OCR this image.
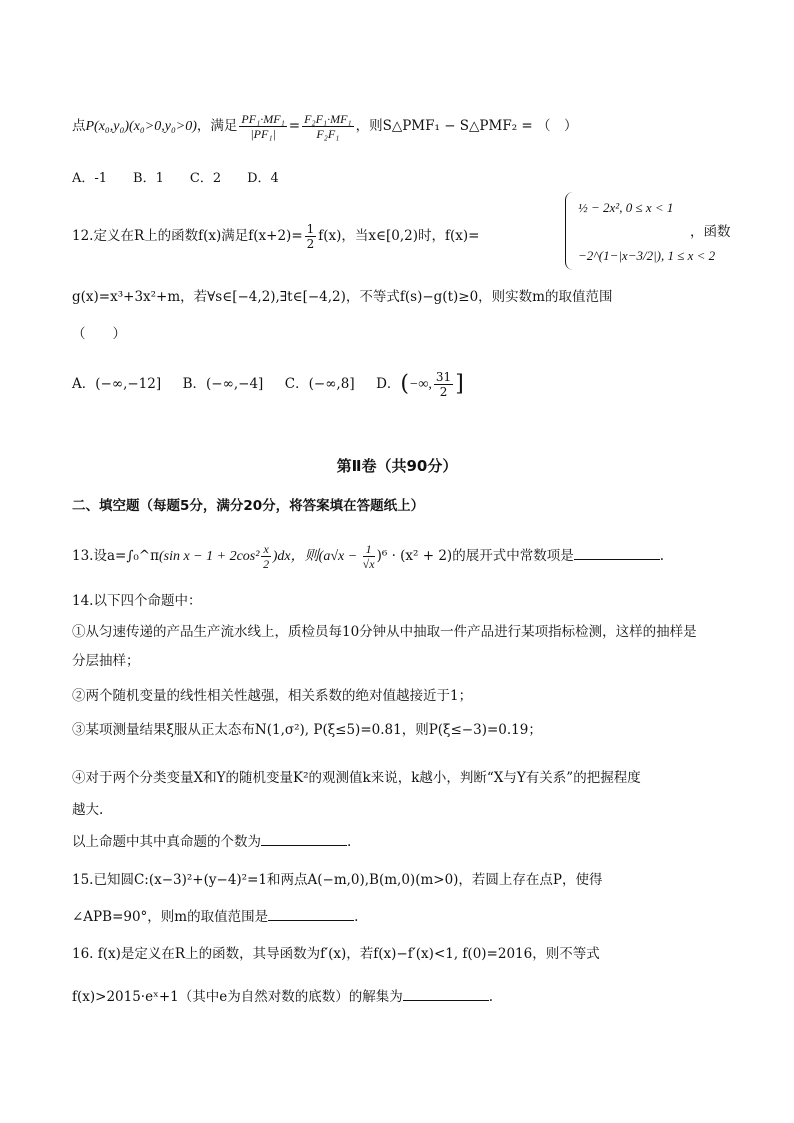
点P(x₀,y₀)(x₀>0,y₀>0)，满足 $\frac{\text{PF₁·MF₁}}{\text{|PF₁|}} = \frac{\text{F₂F₁·MF₁}}{\text{F₂F₁}}$ ，则S△PMF₁ − S△PMF₂ = （　）
A．-1　　B．1　　C．2　　D．4
12.定义在R上的函数f(x)满足$f(x+2)= \frac{1}{2} f(x)$，当x∈[0,2)时，f(x)=
½ − 2x², 0 ≤ x < 1
−2^(1−|x−3/2|), 1 ≤ x < 2
，函数
g(x)=x³+3x²+m，若∀s∈[−4,2),∃t∈[−4,2)，不等式f(s)−g(t)≥0，则实数m的取值范围
（　　）
A．(−∞,−12] B．(−∞,−4] C．(−∞,8] D．(−∞, $\frac{31}{2}$ ]
第Ⅱ卷（共90分）
二、填空题（每题5分，满分20分，将答案填在答题纸上）
13.设a=∫₀^π(sin $x - 1 + 2\cos^2 \frac{x}{2} )dx$，则$(a√x - \frac{1}{√x} )^6 \cdot (x^2 + 2)$的展开式中常数项是	.
14.以下四个命题中：
①从匀速传递的产品生产流水线上，质检员每10分钟从中抽取一件产品进行某项指标检测，这样的抽样是
分层抽样；
②两个随机变量的线性相关性越强，相关系数的绝对值越接近于1；
③某项测量结果ξ服从正太态布N(1,σ²), P(ξ≤5)=0.81，则P(ξ≤−3)=0.19；
④对于两个分类变量X和Y的随机变量K²的观测值k来说，k越小，判断“X与Y有关系”的把握程度
越大.
以上命题中其中真命题的个数为	.
15.已知圆C:(x−3)²+(y−4)²=1和两点A(−m,0),B(m,0)(m>0)，若圆上存在点P，使得
∠APB=90°，则m的取值范围是	.
16. f(x)是定义在R上的函数，其导函数为f′(x)，若f(x)−f′(x)<1, f(0)=2016，则不等式
f(x)>2015·eˣ+1（其中e为自然对数的底数）的解集为	.
